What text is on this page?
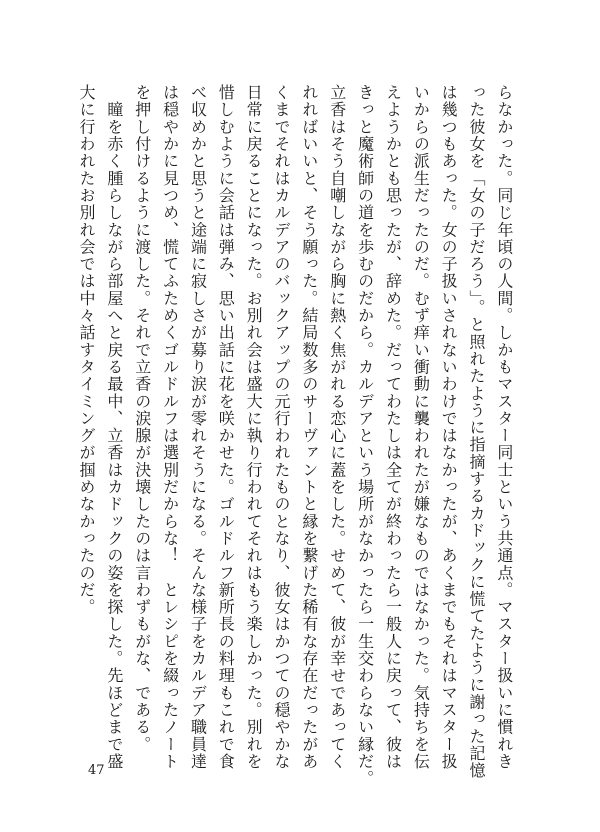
らなかった。同じ年頃の人間。しかもマスター同士という共通点。マスター扱いに慣れき
った彼女を「女の子だろう」。と照れたように指摘するカドックに慌てたように謝った記憶
は幾つもあった。女の子扱いされないわけではなかったが、あくまでもそれはマスター扱
いからの派生だったのだ。むず痒い衝動に襲われたが嫌なものではなかった。気持ちを伝
えようかとも思ったが、辞めた。だってわたしは全てが終わったら一般人に戻って、彼は
きっと魔術師の道を歩むのだから。カルデアという場所がなかったら一生交わらない縁だ。
立香はそう自嘲しながら胸に熱く焦がれる恋心に蓋をした。せめて、彼が幸せであってく
れればいいと、そう願った。結局数多のサーヴァントと縁を繋げた稀有な存在だったがあ
くまでそれはカルデアのバックアップの元行われたものとなり、彼女はかつての穏やかな
日常に戻ることになった。お別れ会は盛大に執り行われてそれはもう楽しかった。別れを
惜しむように会話は弾み、思い出話に花を咲かせた。ゴルドルフ新所長の料理もこれで食
べ収めかと思うと途端に寂しさが募り涙が零れそうになる。そんな様子をカルデア職員達
は穏やかに見つめ、慌てふためくゴルドルフは選別だからな！　とレシピを綴ったノート
を押し付けるように渡した。それで立香の涙腺が決壊したのは言わずもがな、である。
　瞳を赤く腫らしながら部屋へと戻る最中、立香はカドックの姿を探した。先ほどまで盛
大に行われたお別れ会では中々話すタイミングが掴めなかったのだ。
47
